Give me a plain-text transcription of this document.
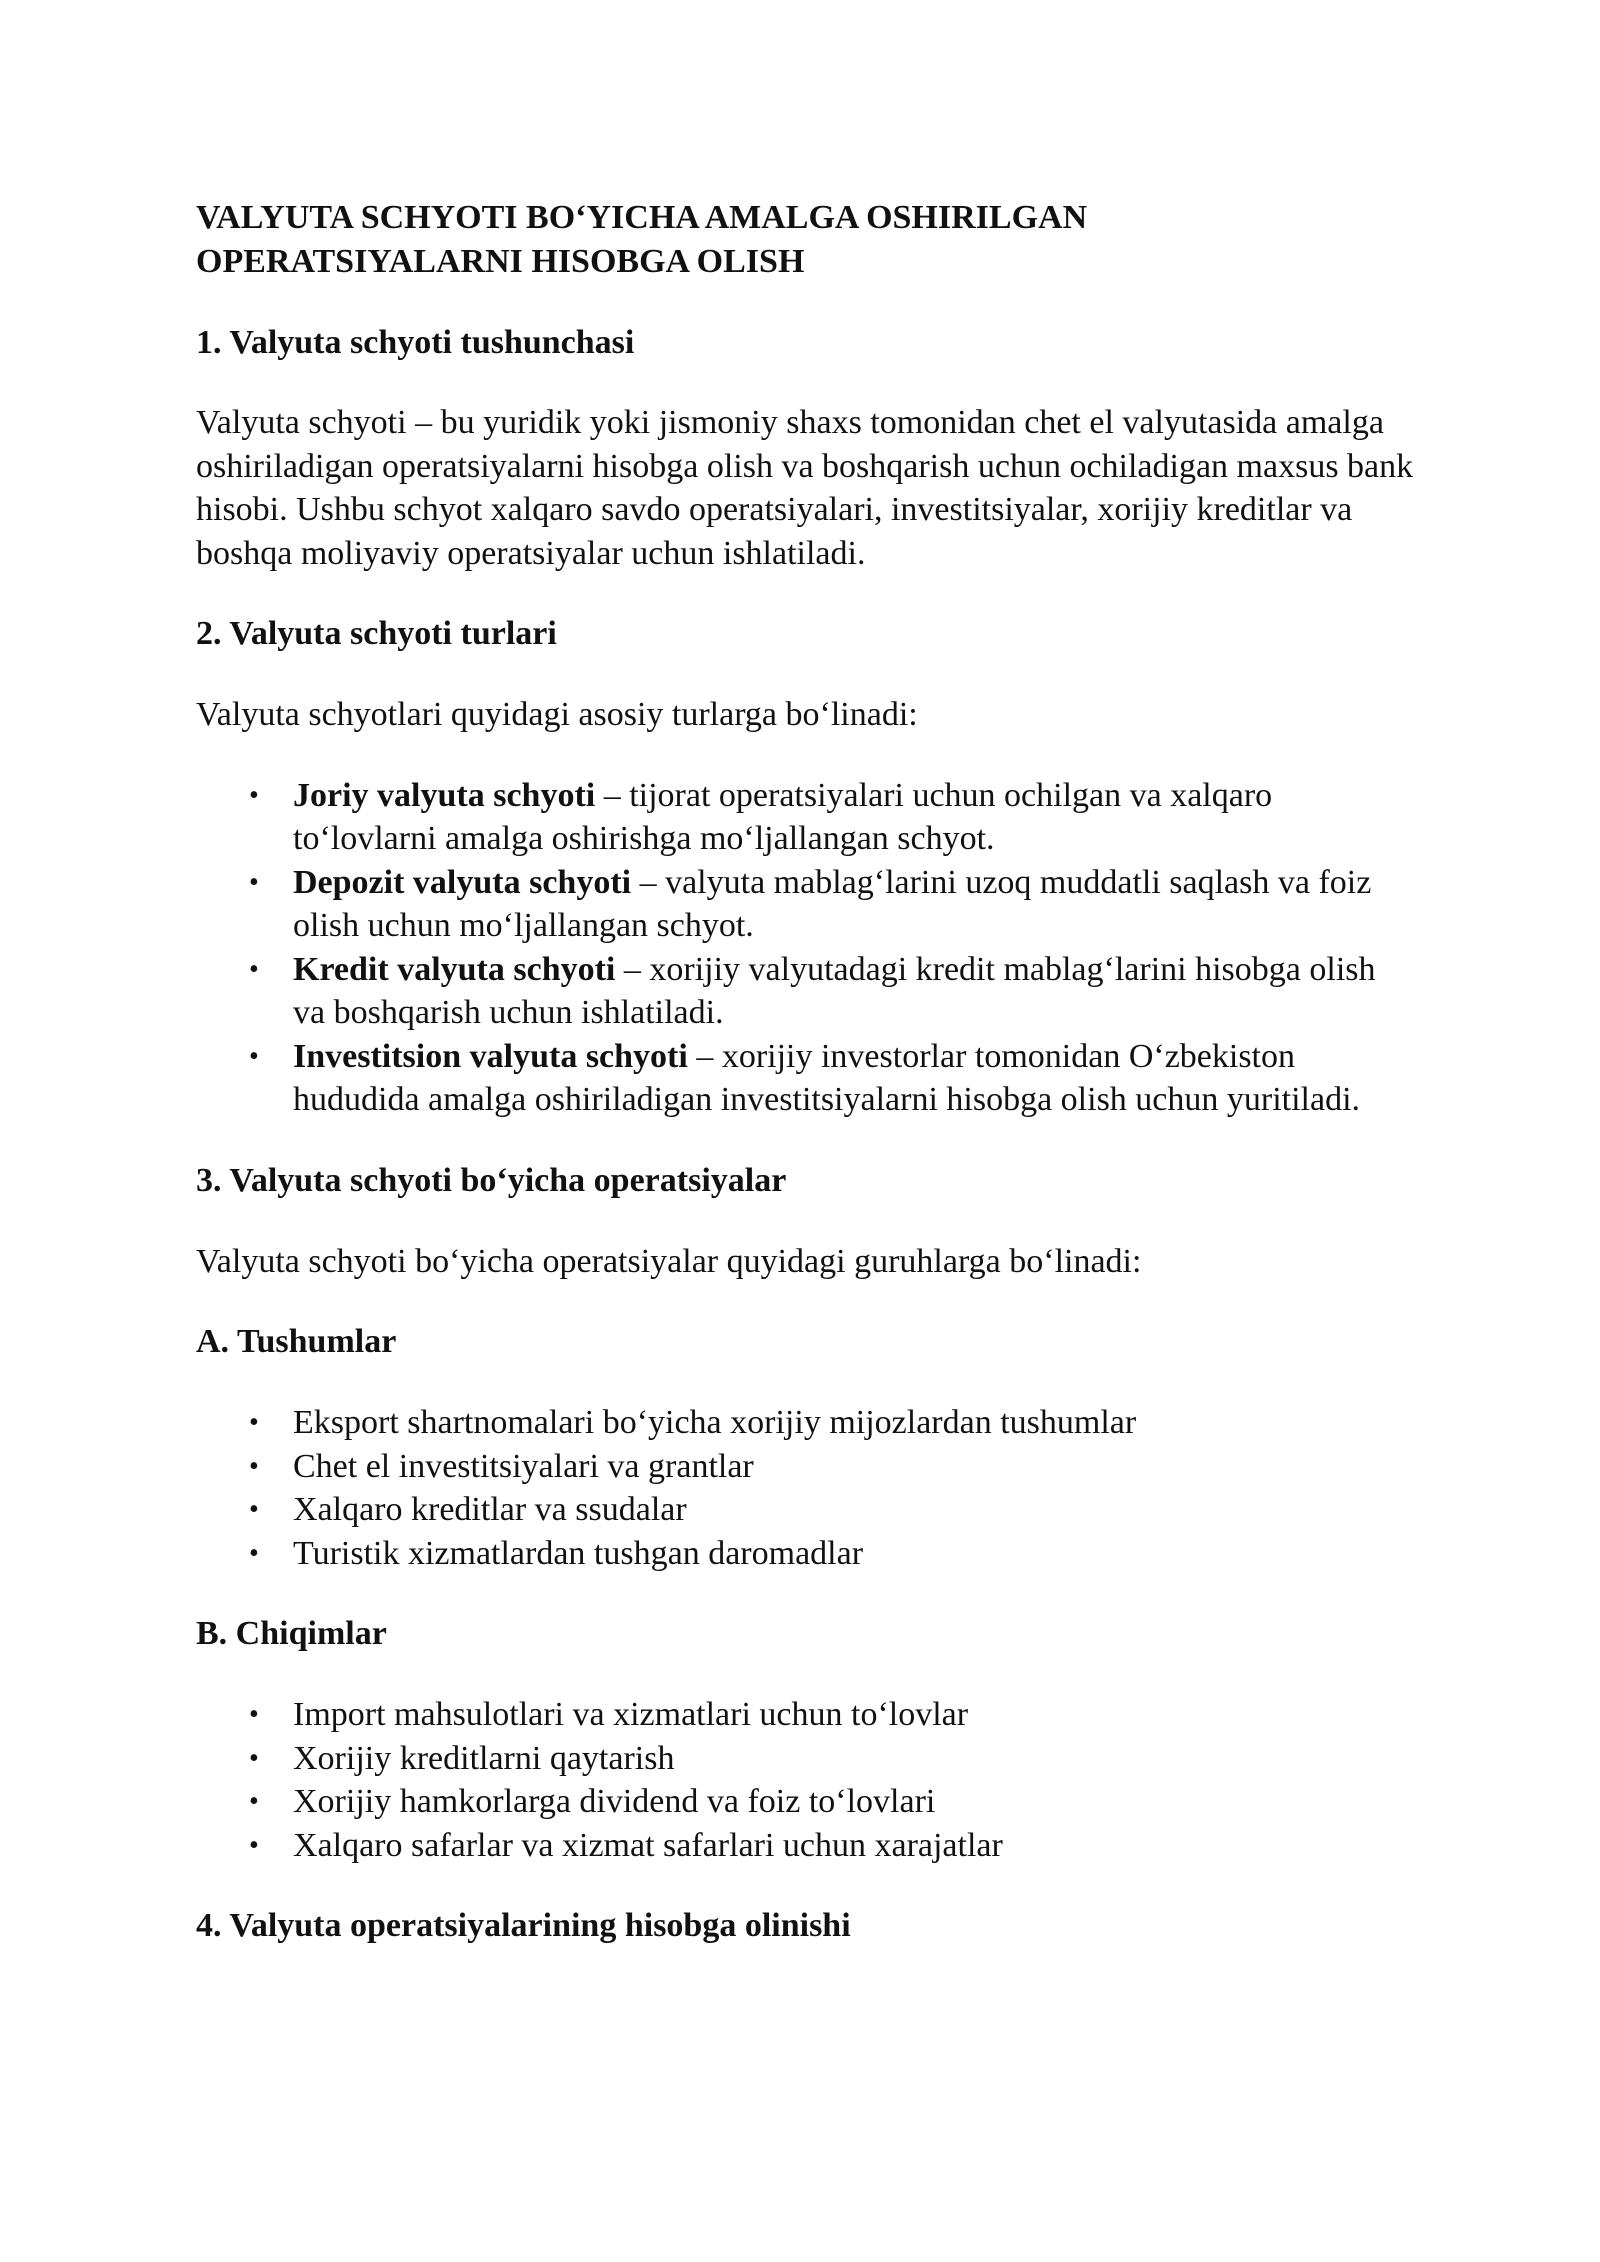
VALYUTA SCHYOTI BO‘YICHA AMALGA OSHIRILGAN OPERATSIYALARNI HISOBGA OLISH
1. Valyuta schyoti tushunchasi

Valyuta schyoti – bu yuridik yoki jismoniy shaxs tomonidan chet el valyutasida amalga oshiriladigan operatsiyalarni hisobga olish va boshqarish uchun ochiladigan maxsus bank hisobi. Ushbu schyot xalqaro savdo operatsiyalari, investitsiyalar, xorijiy kreditlar va boshqa moliyaviy operatsiyalar uchun ishlatiladi.

2. Valyuta schyoti turlari

Valyuta schyotlari quyidagi asosiy turlarga bo‘linadi:

• Joriy valyuta schyoti – tijorat operatsiyalari uchun ochilgan va xalqaro to‘lovlarni amalga oshirishga mo‘ljallangan schyot.
• Depozit valyuta schyoti – valyuta mablag‘larini uzoq muddatli saqlash va foiz olish uchun mo‘ljallangan schyot.
• Kredit valyuta schyoti – xorijiy valyutadagi kredit mablag‘larini hisobga olish va boshqarish uchun ishlatiladi.
• Investitsion valyuta schyoti – xorijiy investorlar tomonidan O‘zbekiston hududida amalga oshiriladigan investitsiyalarni hisobga olish uchun yuritiladi.
3. Valyuta schyoti bo‘yicha operatsiyalar

Valyuta schyoti bo‘yicha operatsiyalar quyidagi guruhlarga bo‘linadi:

A. Tushumlar
• Eksport shartnomalari bo‘yicha xorijiy mijozlardan tushumlar
• Chet el investitsiyalari va grantlar
• Xalqaro kreditlar va ssudalar
• Turistik xizmatlardan tushgan daromadlar
B. Chiqimlar
• Import mahsulotlari va xizmatlari uchun to‘lovlar
• Xorijiy kreditlarni qaytarish
• Xorijiy hamkorlarga dividend va foiz to‘lovlari
• Xalqaro safarlar va xizmat safarlari uchun xarajatlar
4. Valyuta operatsiyalarining hisobga olinishi
